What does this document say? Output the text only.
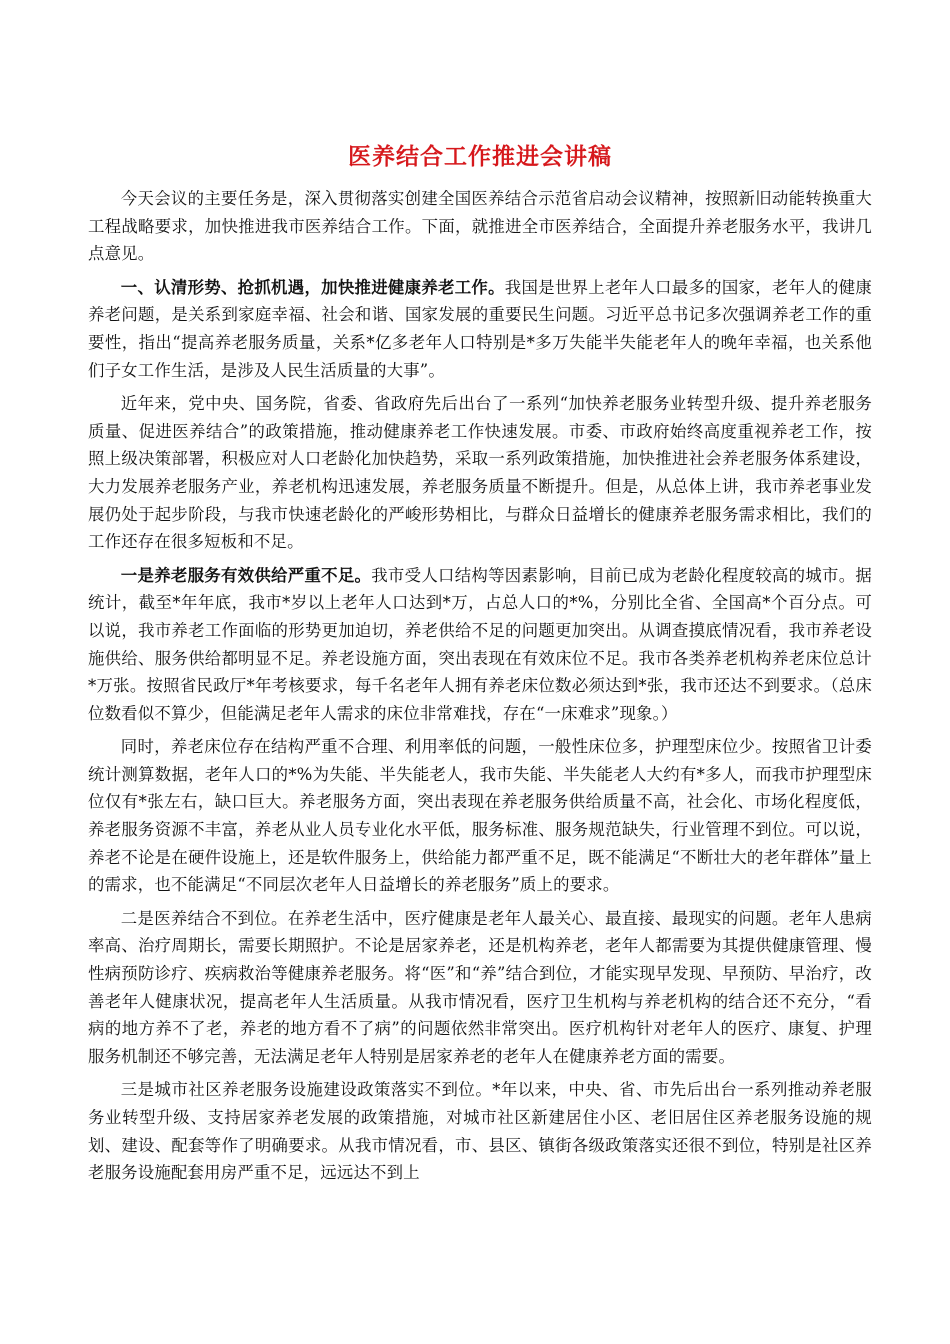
医养结合工作推进会讲稿

今天会议的主要任务是，深入贯彻落实创建全国医养结合示范省启动会议精神，按照新旧动能转换重大工程战略要求，加快推进我市医养结合工作。下面，就推进全市医养结合，全面提升养老服务水平，我讲几点意见。

一、认清形势、抢抓机遇，加快推进健康养老工作。我国是世界上老年人口最多的国家，老年人的健康养老问题，是关系到家庭幸福、社会和谐、国家发展的重要民生问题。习近平总书记多次强调养老工作的重要性，指出“提高养老服务质量，关系*亿多老年人口特别是*多万失能半失能老年人的晚年幸福，也关系他们子女工作生活，是涉及人民生活质量的大事”。

近年来，党中央、国务院，省委、省政府先后出台了一系列“加快养老服务业转型升级、提升养老服务质量、促进医养结合”的政策措施，推动健康养老工作快速发展。市委、市政府始终高度重视养老工作，按照上级决策部署，积极应对人口老龄化加快趋势，采取一系列政策措施，加快推进社会养老服务体系建设，大力发展养老服务产业，养老机构迅速发展，养老服务质量不断提升。但是，从总体上讲，我市养老事业发展仍处于起步阶段，与我市快速老龄化的严峻形势相比，与群众日益增长的健康养老服务需求相比，我们的工作还存在很多短板和不足。

一是养老服务有效供给严重不足。我市受人口结构等因素影响，目前已成为老龄化程度较高的城市。据统计，截至*年年底，我市*岁以上老年人口达到*万，占总人口的*%，分别比全省、全国高*个百分点。可以说，我市养老工作面临的形势更加迫切，养老供给不足的问题更加突出。从调查摸底情况看，我市养老设施供给、服务供给都明显不足。养老设施方面，突出表现在有效床位不足。我市各类养老机构养老床位总计*万张。按照省民政厅*年考核要求，每千名老年人拥有养老床位数必须达到*张，我市还达不到要求。（总床位数看似不算少，但能满足老年人需求的床位非常难找，存在“一床难求”现象。）

同时，养老床位存在结构严重不合理、利用率低的问题，一般性床位多，护理型床位少。按照省卫计委统计测算数据，老年人口的*%为失能、半失能老人，我市失能、半失能老人大约有*多人，而我市护理型床位仅有*张左右，缺口巨大。养老服务方面，突出表现在养老服务供给质量不高，社会化、市场化程度低，养老服务资源不丰富，养老从业人员专业化水平低，服务标准、服务规范缺失，行业管理不到位。可以说，养老不论是在硬件设施上，还是软件服务上，供给能力都严重不足，既不能满足“不断壮大的老年群体”量上的需求，也不能满足“不同层次老年人日益增长的养老服务”质上的要求。

二是医养结合不到位。在养老生活中，医疗健康是老年人最关心、最直接、最现实的问题。老年人患病率高、治疗周期长，需要长期照护。不论是居家养老，还是机构养老，老年人都需要为其提供健康管理、慢性病预防诊疗、疾病救治等健康养老服务。将“医”和“养”结合到位，才能实现早发现、早预防、早治疗，改善老年人健康状况，提高老年人生活质量。从我市情况看，医疗卫生机构与养老机构的结合还不充分，“看病的地方养不了老，养老的地方看不了病”的问题依然非常突出。医疗机构针对老年人的医疗、康复、护理服务机制还不够完善，无法满足老年人特别是居家养老的老年人在健康养老方面的需要。

三是城市社区养老服务设施建设政策落实不到位。*年以来，中央、省、市先后出台一系列推动养老服务业转型升级、支持居家养老发展的政策措施，对城市社区新建居住小区、老旧居住区养老服务设施的规划、建设、配套等作了明确要求。从我市情况看，市、县区、镇街各级政策落实还很不到位，特别是社区养老服务设施配套用房严重不足，远远达不到上
